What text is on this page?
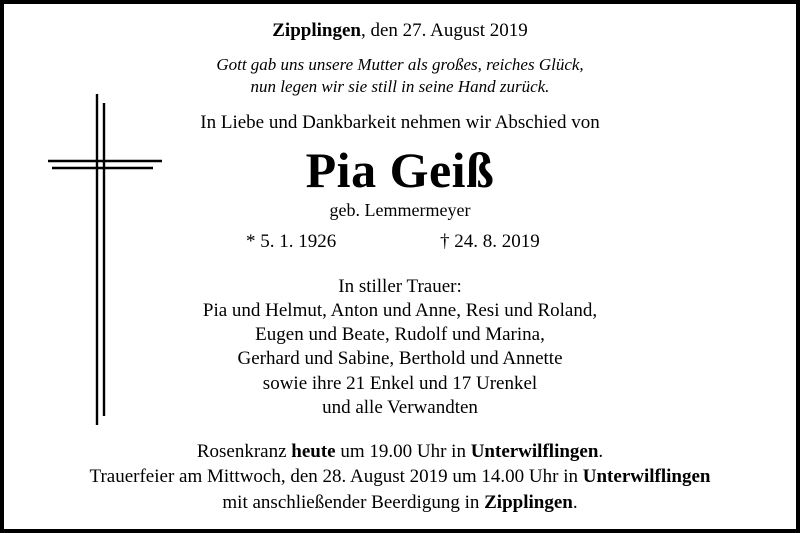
Zipplingen, den 27. August 2019
Gott gab uns unsere Mutter als großes, reiches Glück,
nun legen wir sie still in seine Hand zurück.
In Liebe und Dankbarkeit nehmen wir Abschied von
Pia Geiß
geb. Lemmermeyer
* 5. 1. 1926	† 24. 8. 2019
In stiller Trauer:
Pia und Helmut, Anton und Anne, Resi und Roland,
Eugen und Beate, Rudolf und Marina,
Gerhard und Sabine, Berthold und Annette
sowie ihre 21 Enkel und 17 Urenkel
und alle Verwandten
Rosenkranz heute um 19.00 Uhr in Unterwilflingen.
Trauerfeier am Mittwoch, den 28. August 2019 um 14.00 Uhr in Unterwilflingen
mit anschließender Beerdigung in Zipplingen.
